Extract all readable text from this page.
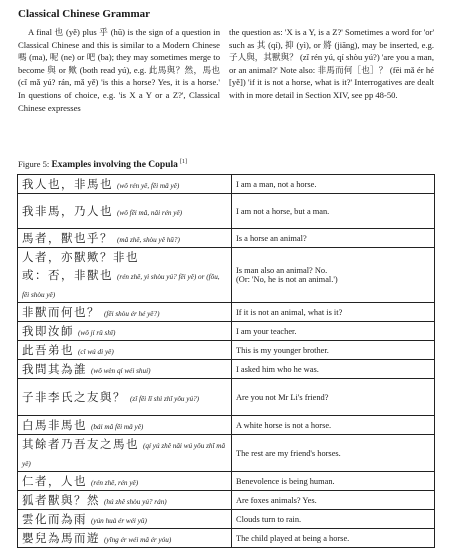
Classical Chinese Grammar
A final 也 (yě) plus 乎 (hū) is the sign of a question in Classical Chinese and this is similar to a Modern Chinese 嗎 (ma), 呢 (ne) or 吧 (ba); they may sometimes merge to become 與 or 歟 (both read yú), e.g. 此馬與？然，馬也 (cǐ mǎ yú? rán, mǎ yě) 'is this a horse? Yes, it is a horse.' In questions of choice, e.g. 'is X a Y or a Z?', Classical Chinese expresses
the question as: 'X is a Y, is a Z?' Sometimes a word for 'or' such as 其 (qí), 抑 (yì), or 將 (jiāng), may be inserted, e.g. 子人與，其獸與？ (zǐ rén yú, qí shòu yú?) 'are you a man, or an animal?' Note also: 非馬而何［也］？ (fēi mǎ ér hé [yě]) 'if it is not a horse, what is it?' Interrogatives are dealt with in more detail in Section XIV, see pp 48-50.
Figure 5: Examples involving the Copula [1]
我人也，非馬也 (wǒ rén yě, fēi mǎ yě)	I am a man, not a horse.
我非馬，乃人也 (wǒ fēi mǎ, nǎi rén yě)	I am not a horse, but a man.
馬者，獸也乎？ (mǎ zhě, shòu yě hū?)	Is a horse an animal?
人者，亦獸歟？非也
或：否，非獸也 (rén zhě, yì shòu yú? fēi yě) or (fǒu, fēi shòu yě)	Is man also an animal? No.
(Or: 'No, he is not an animal.')
非獸而何也？ (fēi shòu ér hé yě?)	If it is not an animal, what is it?
我即汝師 (wǒ jí rǔ shī)	I am your teacher.
此吾弟也 (cǐ wú dì yě)	This is my younger brother.
我問其為誰 (wǒ wèn qí wéi shuí)	I asked him who he was.
子非李氏之友與？ (zǐ fēi lǐ shì zhī yǒu yú?)	Are you not Mr Li's friend?
白馬非馬也 (bái mǎ fēi mǎ yě)	A white horse is not a horse.
其餘者乃吾友之馬也 (qí yú zhě nǎi wú yǒu zhī mǎ yě)	The rest are my friend's horses.
仁者，人也 (rén zhě, rén yě)	Benevolence is being human.
狐者獸與？然 (hú zhě shòu yú? rán)	Are foxes animals? Yes.
雲化而為雨 (yún huà ér wéi yǔ)	Clouds turn to rain.
嬰兒為馬而遊 (yīng ér wéi mǎ ér yóu)	The child played at being a horse.
